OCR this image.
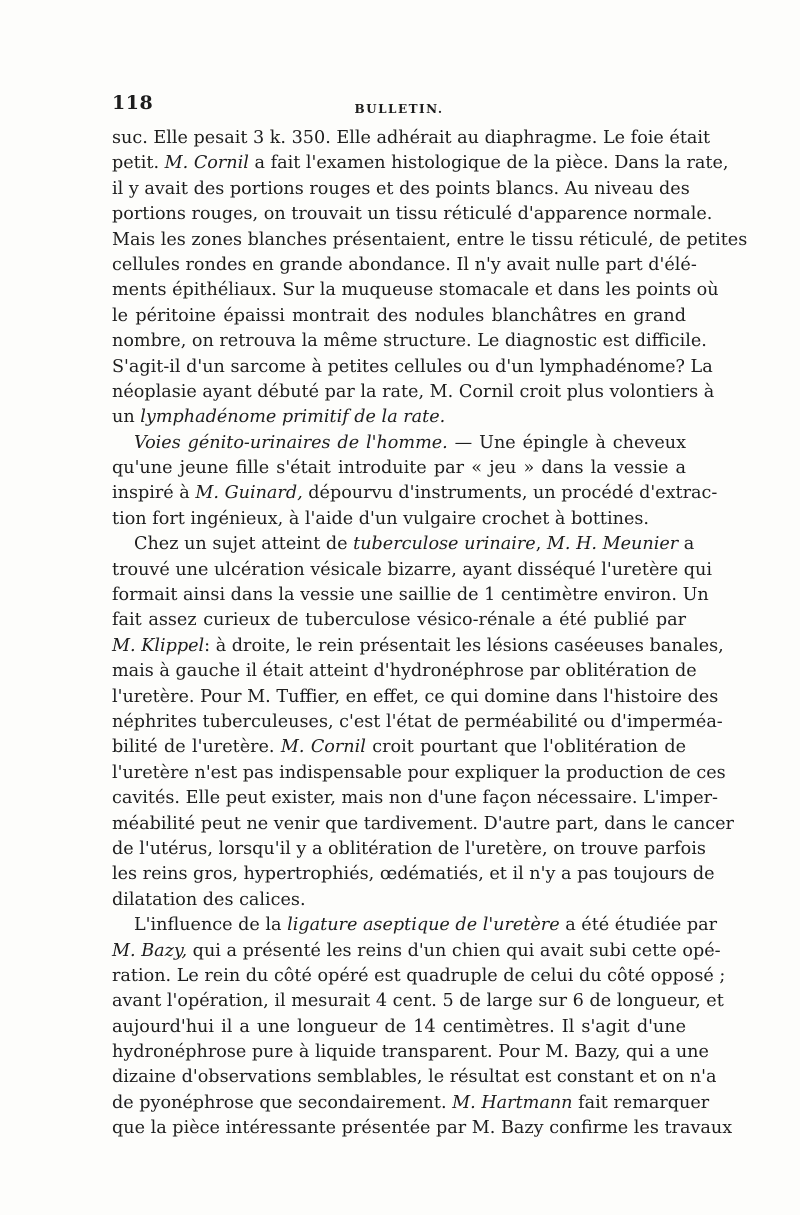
118	BULLETIN.
suc. Elle pesait 3 k. 350. Elle adhérait au diaphragme. Le foie était
petit. M. Cornil a fait l'examen histologique de la pièce. Dans la rate,
il y avait des portions rouges et des points blancs. Au niveau des
portions rouges, on trouvait un tissu réticulé d'apparence normale.
Mais les zones blanches présentaient, entre le tissu réticulé, de petites
cellules rondes en grande abondance. Il n'y avait nulle part d'élé-
ments épithéliaux. Sur la muqueuse stomacale et dans les points où
le péritoine épaissi montrait des nodules blanchâtres en grand
nombre, on retrouva la même structure. Le diagnostic est difficile.
S'agit-il d'un sarcome à petites cellules ou d'un lymphadénome? La
néoplasie ayant débuté par la rate, M. Cornil croit plus volontiers à
un lymphadénome primitif de la rate.
Voies génito-urinaires de l'homme. — Une épingle à cheveux
qu'une jeune fille s'était introduite par « jeu » dans la vessie a
inspiré à M. Guinard, dépourvu d'instruments, un procédé d'extrac-
tion fort ingénieux, à l'aide d'un vulgaire crochet à bottines.
Chez un sujet atteint de tuberculose urinaire, M. H. Meunier a
trouvé une ulcération vésicale bizarre, ayant disséqué l'uretère qui
formait ainsi dans la vessie une saillie de 1 centimètre environ. Un
fait assez curieux de tuberculose vésico-rénale a été publié par
M. Klippel: à droite, le rein présentait les lésions caséeuses banales,
mais à gauche il était atteint d'hydronéphrose par oblitération de
l'uretère. Pour M. Tuffier, en effet, ce qui domine dans l'histoire des
néphrites tuberculeuses, c'est l'état de perméabilité ou d'imperméa-
bilité de l'uretère. M. Cornil croit pourtant que l'oblitération de
l'uretère n'est pas indispensable pour expliquer la production de ces
cavités. Elle peut exister, mais non d'une façon nécessaire. L'imper-
méabilité peut ne venir que tardivement. D'autre part, dans le cancer
de l'utérus, lorsqu'il y a oblitération de l'uretère, on trouve parfois
les reins gros, hypertrophiés, œdématiés, et il n'y a pas toujours de
dilatation des calices.
L'influence de la ligature aseptique de l'uretère a été étudiée par
M. Bazy, qui a présenté les reins d'un chien qui avait subi cette opé-
ration. Le rein du côté opéré est quadruple de celui du côté opposé ;
avant l'opération, il mesurait 4 cent. 5 de large sur 6 de longueur, et
aujourd'hui il a une longueur de 14 centimètres. Il s'agit d'une
hydronéphrose pure à liquide transparent. Pour M. Bazy, qui a une
dizaine d'observations semblables, le résultat est constant et on n'a
de pyonéphrose que secondairement. M. Hartmann fait remarquer
que la pièce intéressante présentée par M. Bazy confirme les travaux
